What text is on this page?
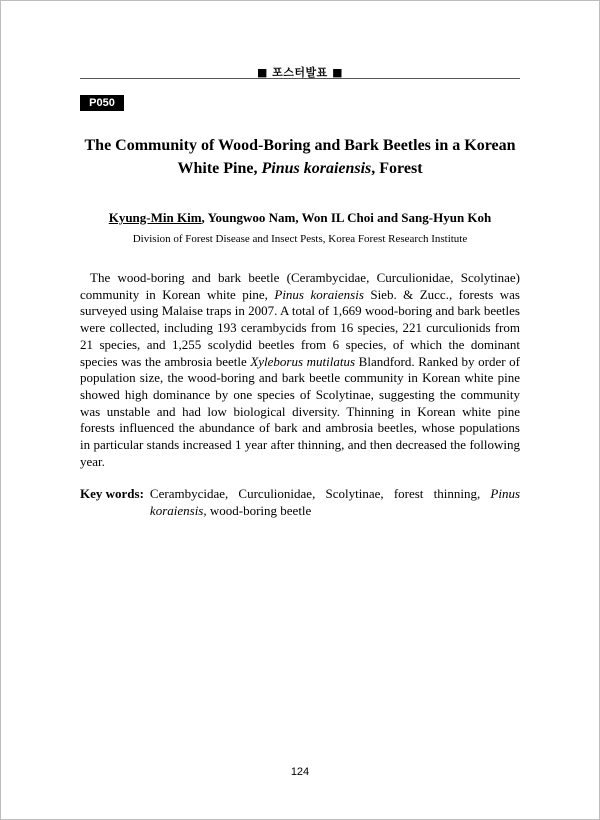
■ 포스터발표 ■
P050
The Community of Wood-Boring and Bark Beetles in a Korean
White Pine, Pinus koraiensis, Forest
Kyung-Min Kim, Youngwoo Nam, Won IL Choi and Sang-Hyun Koh
Division of Forest Disease and Insect Pests, Korea Forest Research Institute

The wood-boring and bark beetle (Cerambycidae, Curculionidae, Scolytinae) community in Korean white pine, Pinus koraiensis Sieb. & Zucc., forests was surveyed using Malaise traps in 2007. A total of 1,669 wood-boring and bark beetles were collected, including 193 cerambycids from 16 species, 221 curculionids from 21 species, and 1,255 scolydid beetles from 6 species, of which the dominant species was the ambrosia beetle Xyleborus mutilatus Blandford. Ranked by order of population size, the wood-boring and bark beetle community in Korean white pine showed high dominance by one species of Scolytinae, suggesting the community was unstable and had low biological diversity. Thinning in Korean white pine forests influenced the abundance of bark and ambrosia beetles, whose populations in particular stands increased 1 year after thinning, and then decreased the following year.

Key words: Cerambycidae, Curculionidae, Scolytinae, forest thinning, Pinus koraiensis, wood-boring beetle
124
